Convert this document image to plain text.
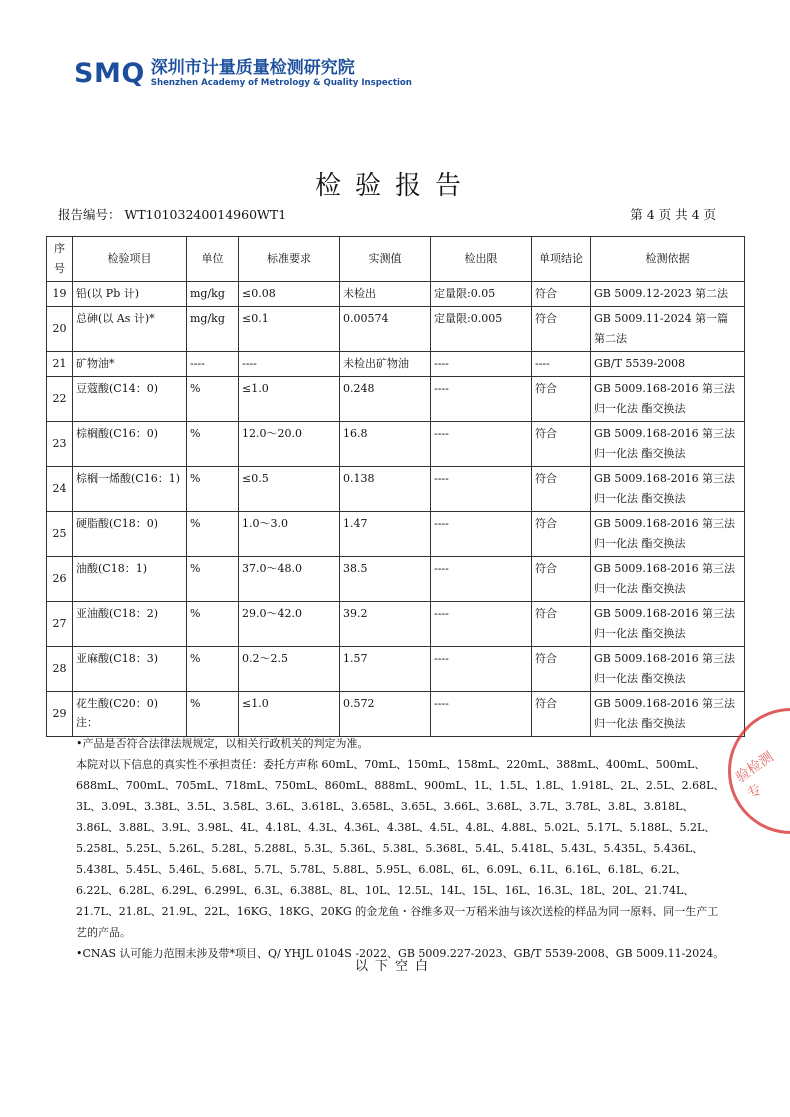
SMQ 深圳市计量质量检测研究院
Shenzhen Academy of Metrology & Quality Inspection
检验报告
报告编号： WT10103240014960WT1	第 4 页 共 4 页
序号	检验项目	单位	标准要求	实测值	检出限	单项结论	检测依据
19	铅(以 Pb 计)	mg/kg	≤0.08	未检出	定量限:0.05	符合	GB 5009.12-2023 第二法
20	总砷(以 As 计)*	mg/kg	≤0.1	0.00574	定量限:0.005	符合	GB 5009.11-2024 第一篇 第二法
21	矿物油*	----	----	未检出矿物油	----	----	GB/T 5539-2008
22	豆蔻酸(C14：0)	%	≤1.0	0.248	----	符合	GB 5009.168-2016 第三法 归一化法 酯交换法
23	棕榈酸(C16：0)	%	12.0～20.0	16.8	----	符合	GB 5009.168-2016 第三法 归一化法 酯交换法
24	棕榈一烯酸(C16：1)	%	≤0.5	0.138	----	符合	GB 5009.168-2016 第三法 归一化法 酯交换法
25	硬脂酸(C18：0)	%	1.0～3.0	1.47	----	符合	GB 5009.168-2016 第三法 归一化法 酯交换法
26	油酸(C18：1)	%	37.0～48.0	38.5	----	符合	GB 5009.168-2016 第三法 归一化法 酯交换法
27	亚油酸(C18：2)	%	29.0～42.0	39.2	----	符合	GB 5009.168-2016 第三法 归一化法 酯交换法
28	亚麻酸(C18：3)	%	0.2～2.5	1.57	----	符合	GB 5009.168-2016 第三法 归一化法 酯交换法
29	花生酸(C20：0)	%	≤1.0	0.572	----	符合	GB 5009.168-2016 第三法 归一化法 酯交换法

注：

•产品是否符合法律法规规定，以相关行政机关的判定为准。

本院对以下信息的真实性不承担责任：委托方声称 60mL、70mL、150mL、158mL、220mL、388mL、400mL、500mL、688mL、700mL、705mL、718mL、750mL、860mL、888mL、900mL、1L、1.5L、1.8L、1.918L、2L、2.5L、2.68L、3L、3.09L、3.38L、3.5L、3.58L、3.6L、3.618L、3.658L、3.65L、3.66L、3.68L、3.7L、3.78L、3.8L、3.818L、3.86L、3.88L、3.9L、3.98L、4L、4.18L、4.3L、4.36L、4.38L、4.5L、4.8L、4.88L、5.02L、5.17L、5.188L、5.2L、5.258L、5.25L、5.26L、5.28L、5.288L、5.3L、5.36L、5.38L、5.368L、5.4L、5.418L、5.43L、5.435L、5.436L、5.438L、5.45L、5.46L、5.68L、5.7L、5.78L、5.88L、5.95L、6.08L、6L、6.09L、6.1L、6.16L、6.18L、6.2L、6.22L、6.28L、6.29L、6.299L、6.3L、6.388L、8L、10L、12.5L、14L、15L、16L、16.3L、18L、20L、21.74L、21.7L、21.8L、21.9L、22L、16KG、18KG、20KG 的金龙鱼・谷维多双一万稻米油与该次送检的样品为同一原料、同一生产工艺的产品。

•CNAS 认可能力范围未涉及带*项目、Q/ YHJL 0104S -2022、GB 5009.227-2023、GB/T 5539-2008、GB 5009.11-2024。

以下空白
验检测专
